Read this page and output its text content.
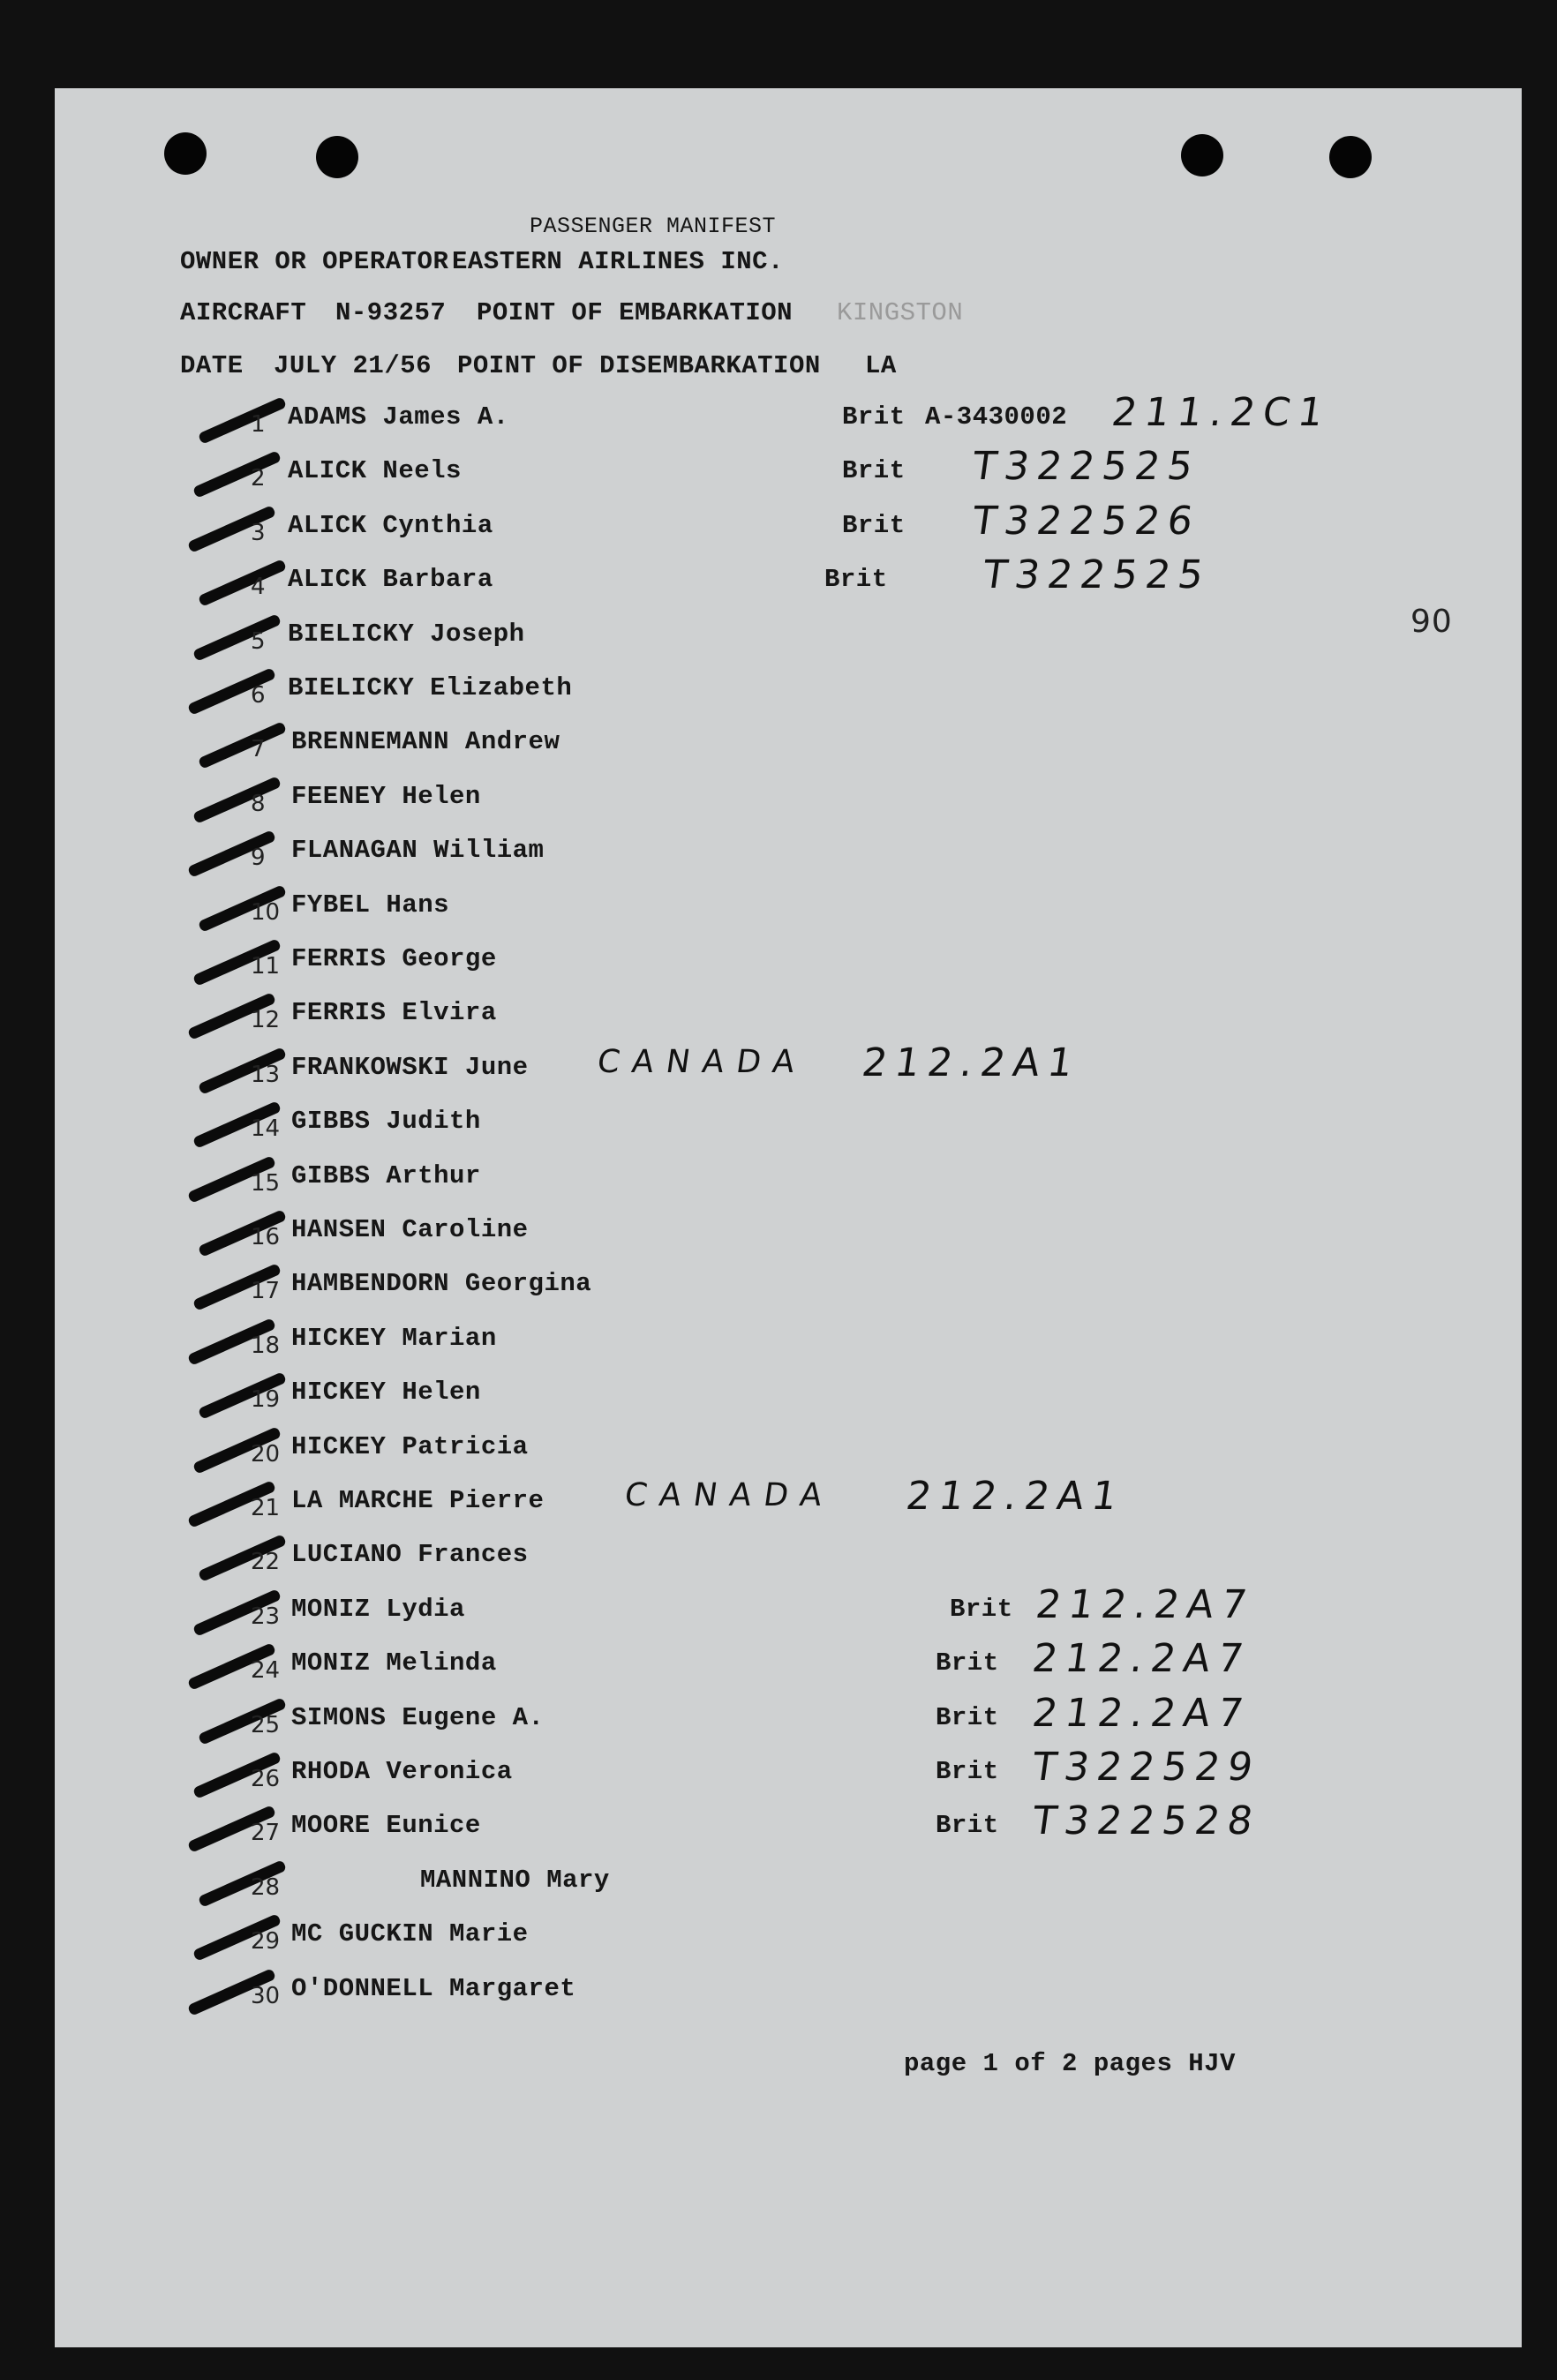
PASSENGER MANIFEST
OWNER OR OPERATOR EASTERN AIRLINES INC.
AIRCRAFT N-93257 POINT OF EMBARKATION KINGSTON
DATE JULY 21/56 POINT OF DISEMBARKATION LA
90
1 ADAMS James A.	Brit A-3430002 211.2C1
2 ALICK Neels	Brit T322525
3 ALICK Cynthia	Brit T322526
4 ALICK Barbara	Brit T322525
5 BIELICKY Joseph
6 BIELICKY Elizabeth
7 BRENNEMANN Andrew
8 FEENEY Helen
9 FLANAGAN William
10 FYBEL Hans
11 FERRIS George
12 FERRIS Elvira
13 FRANKOWSKI June CANADA 212.2A1
14 GIBBS Judith
15 GIBBS Arthur
16 HANSEN Caroline
17 HAMBENDORN Georgina
18 HICKEY Marian
19 HICKEY Helen
20 HICKEY Patricia
21 LA MARCHE Pierre CANADA 212.2A1
22 LUCIANO Frances
23 MONIZ Lydia	Brit 212.2A7
24 MONIZ Melinda	Brit 212.2A7
25 SIMONS Eugene A.	Brit 212.2A7
26 RHODA Veronica	Brit T322529
27 MOORE Eunice	Brit T322528
28	MANNINO Mary
29 MC GUCKIN Marie
30 O'DONNELL Margaret
page 1 of 2 pages HJV
